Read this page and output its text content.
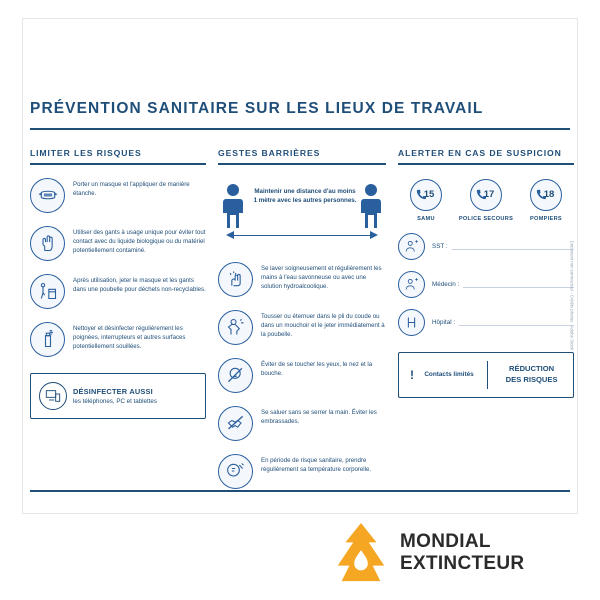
PRÉVENTION SANITAIRE SUR LES LIEUX DE TRAVAIL
LIMITER LES RISQUES
Porter un masque et l'appliquer de manière étanche.
Utiliser des gants à usage unique pour éviter tout contact avec du liquide biologique ou du matériel potentiellement contaminé.
Après utilisation, jeter le masque et les gants dans une poubelle pour déchets non-recyclables.
Nettoyer et désinfecter régulièrement les poignées, interrupteurs et autres surfaces potentiellement souillées.
DÉSINFECTER AUSSI
les téléphones, PC et tablettes
GESTES BARRIÈRES
Maintenir une distance d'au moins 1 mètre avec les autres personnes.
Se laver soigneusement et régulièrement les mains à l'eau savonneuse ou avec une solution hydroalcoolique.
Tousser ou éternuer dans le pli du coude ou dans un mouchoir et le jeter immédiatement à la poubelle.
Éviter de se toucher les yeux, le nez et la bouche.
Se saluer sans se serrer la main. Éviter les embrassades.
En période de risque sanitaire, prendre régulièrement sa température corporelle.
ALERTER EN CAS DE SUSPICION
15
SAMU
17
POLICE SECOURS
18
POMPIERS
SST :
Médecin :
Hôpital :
!	Contacts limités
RÉDUCTION
DES RISQUES
Document non contractuel - Crédits photos : Adobe Stock
MONDIAL
EXTINCTEUR
